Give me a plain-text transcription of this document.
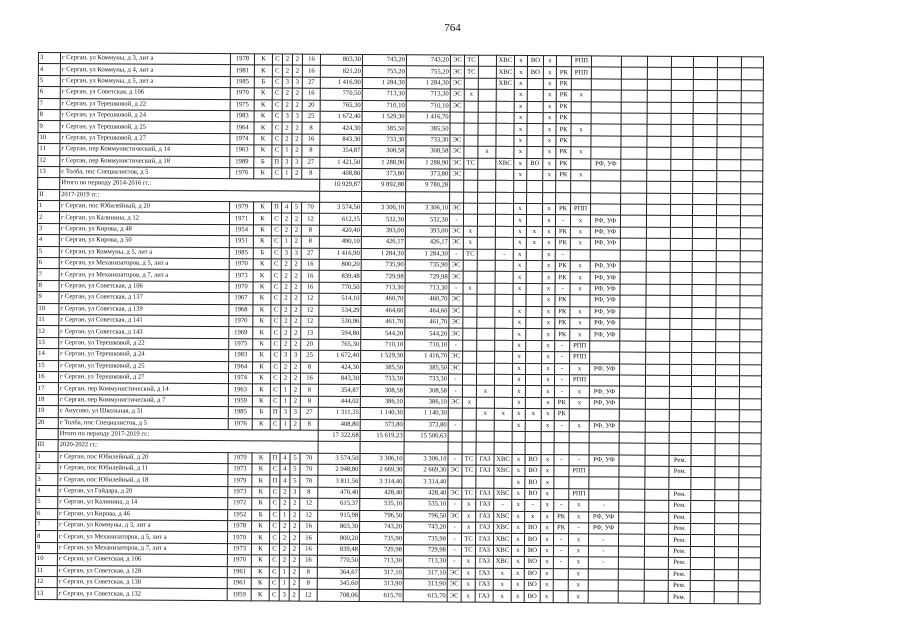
764
3	г Серган, ул Коммуны, д 3, лит а	1978	К	С	2	2	16	803,30	743,20	743,20	ЭС	ТС		ХВС	х	ВО	х		РПП							
4	г Серган, ул Коммуны, д 4, лит а	1981	К	С	2	2	16	821,20	755,20	755,20	ЭС	ТС		ХВС	х	ВО	х	РК	РПП							
5	г Серган, ул Коммуны, д 5, лит а	1985	Б	С	3	3	27	1 416,90	1 284,30	1 284,30	ЭС			ХВС	х		х	РК								
6	г Серган, ул Советская, д 106	1970	К	С	2	2	16	770,50	713,30	713,30	ЭС	х			х		х	РК	х							
7	г Серган, ул Терешковой, д 22	1975	К	С	2	2	20	765,30	710,10	710,10	ЭС				х		х	РК								
8	г Серган, ул Терешковой, д 24	1983	К	С	3	3	25	1 672,40	1 529,30	1 416,70					х		х	РК								
9	г Серган, ул Терешковой, д 25	1964	К	С	2	2	8	424,30	385,50	385,50					х		х	РК	х							
10	г Серган, ул Терешковой, д 27	1974	К	С	2	2	16	843,30	733,30	733,30	ЭС				х		х	РК								
11	г Серган, пер Коммунистический, д 14	1963	К	С	1	2	8	354,87	308,58	308,58	ЭС		х		х		х	РК	х							
12	г Серган, пер Коммунистический, д 18	1989	Б	П	3	3	27	1 421,50	1 288,90	1 288,90	ЭС	ТС		ХВС	х	ВО	х	РК		РФ, УФ						
13	с Толба, пос Специалистов, д 5	1976	К	С	1	2	8	408,80	373,80	373,80	ЭС				х		х	РК	х							
	Итого по периоду 2014-2016 гг.:							10 929,87	9 892,88	9 780,28																
II	2017-2019 гг.:																									
1	г Серган, пос Юбилейный, д 20	1979	К	П	4	5	70	3 574,50	3 306,10	3 306,10	ЭС				х		х	РК	РПП							
2	г Серган, ул Калинина, д 12	1971	К	С	2	2	12	612,15	532,30	532,30	-				х		х	-	х	РФ, УФ						
3	г Серган, ул Кирова, д 48	1954	К	С	2	2	8	420,40	393,00	393,00	ЭС	х			х	х	х	РК	х	РФ, УФ						
4	г Серган, ул Кирова, д 50	1951	К	С	1	2	8	490,10	426,17	426,17	ЭС	х			х	х	х	РК	х	РФ, УФ						
5	г Серган, ул Коммуны, д 5, лит а	1985	Б	С	3	3	27	1 416,90	1 284,30	1 284,30	-	ТС		-	х		х	-								
6	г Серган, ул Механизаторов, д 5, лит а	1970	К	С	2	2	16	800,20	735,90	735,90	ЭС				х		х	РК	х	РФ, УФ						
7	г Серган, ул Механизаторов, д 7, лит а	1973	К	С	2	2	16	839,48	729,98	729,98	ЭС				х		х	РК	х	РФ, УФ						
8	г Серган, ул Советская, д 106	1970	К	С	2	2	16	770,50	713,30	713,30	-	х			х		х	-	х	РФ, УФ						
9	г Серган, ул Советская, д 137	1967	К	С	2	2	12	514,10	460,70	460,70	ЭС						х	РК		РФ, УФ						
10	г Серган, ул Советская, д 139	1968	К	С	2	2	12	534,29	464,60	464,60	ЭС				х		х	РК	х	РФ, УФ						
11	г Серган, ул Советская, д 141	1970	К	С	2	2	12	530,96	461,70	461,70	ЭС				х		х	РК	х	РФ, УФ						
12	г Серган, ул Советская, д 143	1969	К	С	2	2	13	594,80	544,20	544,20	ЭС				х		х	РК	х	РФ, УФ						
13	г Серган, ул Терешковой, д 22	1975	К	С	2	2	20	765,30	710,10	710,10	-				х		х	-	РПП							
14	г Серган, ул Терешковой, д 24	1983	К	С	3	3	25	1 672,40	1 529,30	1 416,70	ЭС				х		х	-	РПП							
15	г Серган, ул Терешковой, д 25	1964	К	С	2	2	8	424,30	385,50	385,50	ЭС				х		х	-	х	РФ, УФ						
16	г Серган, ул Терешковой, д 27	1974	К	С	2	2	16	843,30	733,30	733,30	-				х		х	-	РПП							
17	г Серган, пер Коммунистический, д 14	1963	К	С	1	2	8	354,87	308,58	308,58	-		х		х		х	-	х	РФ, УФ						
18	г Серган, пер Коммунистический, д 7	1959	К	С	1	2	8	444,02	386,10	386,10	ЭС	х			х		х	РК	х	РФ, УФ						
19	с Анусово, ул Школьная, д 31	1985	Б	П	3	3	27	1 311,35	1 140,30	1 140,30			х	х	х	х	х	РК								
20	с Толба, пос Специалистов, д 5	1976	К	С	1	2	8	408,80	373,80	373,80	-				х		х	-	х	РФ, УФ						
	Итого по периоду 2017-2019 гг.:							17 322,68	15 619,23	15 506,63																
III	2020-2022 гг.:																									
1	г Серган, пос Юбилейный, д 20	1979	К	П	4	5	70	3 574,50	3 306,10	3 306,10	-	ТС	ГАЗ	ХВС	х	ВО	х	-	-	РФ, УФ			Рем.			
2	г Серган, пос Юбилейный, д 11	1973	К	С	4	5	70	2 948,80	2 669,30	2 669,30	ЭС	ТС	ГАЗ	ХВС	х	ВО	х		РПП				Рем.			
3	г Серган, пос Юбилейный, д 18	1979	К	П	4	5	70	3 811,56	3 314,40	3 314,40					х	ВО	х									
4	г Серган, ул Гайдара, д 20	1973	К	С	2	3	8	470,40	428,40	428,40	ЭС	ТС	ГАЗ	ХВС	х	ВО	х		РПП				Рем.			
5	г Серган, ул Калинина, д 14	1972	К	С	2	2	12	615,37	535,10	535,10	-	х	ГАЗ	-	х	-	х	-	х	-			Рем.			
6	г Серган, ул Кирова, д 46	1952	Б	С	1	2	12	915,98	796,50	796,50	ЭС	х	ГАЗ	ХВС	х	х	х	РК	х	РФ, УФ			Рем.			
7	г Серган, ул Коммуны, д 3, лит а	1978	К	С	2	2	16	803,30	743,20	743,20	-	х	ГАЗ	ХВС	х	ВО	х	РК	-	РФ, УФ			Рем.			
8	г Серган, ул Механизаторов, д 5, лит а	1970	К	С	2	2	16	800,20	735,90	735,90	-	ТС	ГАЗ	ХВС	х	ВО	х	-	х	-			Рем.			
9	г Серган, ул Механизаторов, д 7, лит а	1973	К	С	2	2	16	839,48	729,98	729,98	-	ТС	ГАЗ	ХВС	х	ВО	х	-	х	-			Рем.			
10	г Серган, ул Советская, д 106	1970	К	С	2	2	16	770,50	713,30	713,30	-	х	ГАЗ	ХВС	х	ВО	х	-	х	-			Рем.			
11	г Серган, ул Советская, д 128	1961	К	С	1	2	8	364,67	317,10	317,10	ЭС	х	ГАЗ	х	х	ВО	х		х				Рем.			
12	г Серган, ул Советская, д 130	1961	К	С	1	2	8	345,60	313,90	313,90	ЭС	х	ГАЗ	х	х	ВО	х		х				Рем.			
13	г Серган, ул Советская, д 132	1959	К	С	3	2	12	708,06	615,70	615,70	ЭС	х	ГАЗ	х	х	ВО	х		х				Рем.			
